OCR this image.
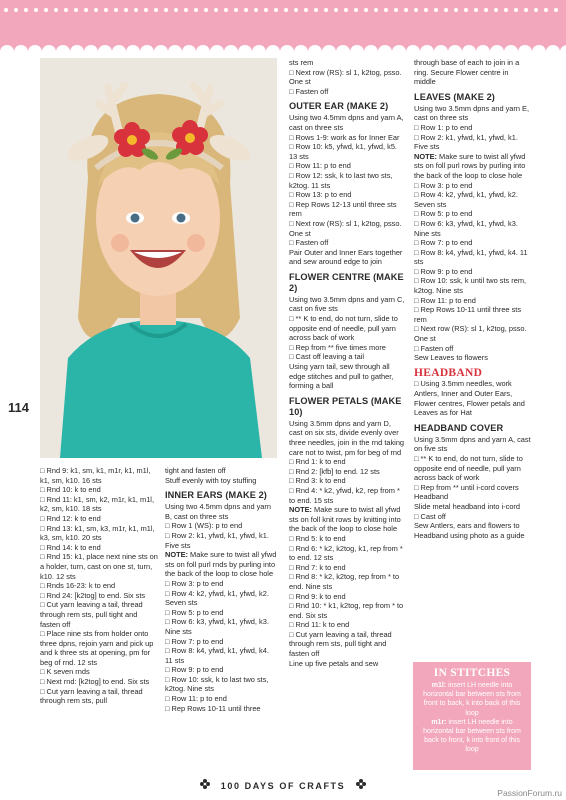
114

□ Rnd 9: k1, sm, k1, m1r, k1, m1l, k1, sm, k10. 16 sts

□ Rnd 10: k to end

□ Rnd 11: k1, sm, k2, m1r, k1, m1l, k2, sm, k10. 18 sts

□ Rnd 12: k to end

□ Rnd 13: k1, sm, k3, m1r, k1, m1l, k3, sm, k10. 20 sts

□ Rnd 14: k to end

□ Rnd 15: k1, place next nine sts on a holder, turn, cast on one st, turn, k10. 12 sts

□ Rnds 16-23: k to end

□ Rnd 24: [k2tog] to end. Six sts

□ Cut yarn leaving a tail, thread through rem sts, pull tight and fasten off

□ Place nine sts from holder onto three dpns, rejoin yarn and pick up and k three sts at opening, pm for beg of rnd. 12 sts

□ K seven rnds

□ Next rnd: [k2tog] to end. Six sts

□ Cut yarn leaving a tail, thread through rem sts, pull

tight and fasten off

Stuff evenly with toy stuffing

INNER EARS (MAKE 2)

Using two 4.5mm dpns and yarn B, cast on three sts

□ Row 1 (WS): p to end

□ Row 2: k1, yfwd, k1, yfwd, k1. Five sts

NOTE: Make sure to twist all yfwd sts on foll purl rnds by purling into the back of the loop to close hole

□ Row 3: p to end

□ Row 4: k2, yfwd, k1, yfwd, k2. Seven sts

□ Row 5: p to end

□ Row 6: k3, yfwd, k1, yfwd, k3. Nine sts

□ Row 7: p to end

□ Row 8: k4, yfwd, k1, yfwd, k4. 11 sts

□ Row 9: p to end

□ Row 10: ssk, k to last two sts, k2tog. Nine sts

□ Row 11: p to end

□ Rep Rows 10-11 until three

sts rem

□ Next row (RS): sl 1, k2tog, psso. One st

□ Fasten off

OUTER EAR (MAKE 2)

Using two 4.5mm dpns and yarn A, cast on three sts

□ Rows 1-9: work as for Inner Ear

□ Row 10: k5, yfwd, k1, yfwd, k5. 13 sts

□ Row 11: p to end

□ Row 12: ssk, k to last two sts, k2tog. 11 sts

□ Row 13: p to end

□ Rep Rows 12-13 until three sts rem

□ Next row (RS): sl 1, k2tog, psso. One st

□ Fasten off

Pair Outer and Inner Ears together and sew around edge to join

FLOWER CENTRE (MAKE 2)

Using two 3.5mm dpns and yarn C, cast on five sts

□ ** K to end, do not turn, slide to opposite end of needle, pull yarn across back of work

□ Rep from ** five times more

□ Cast off leaving a tail

Using yarn tail, sew through all edge stitches and pull to gather, forming a ball

FLOWER PETALS (MAKE 10)

Using 3.5mm dpns and yarn D, cast on six sts, divide evenly over three needles, join in the rnd taking care not to twist, pm for beg of rnd

□ Rnd 1: k to end

□ Rnd 2: [kfb] to end. 12 sts

□ Rnd 3: k to end

□ Rnd 4: * k2, yfwd, k2, rep from * to end. 15 sts

NOTE: Make sure to twist all yfwd sts on foll knit rows by knitting into the back of the loop to close hole

□ Rnd 5: k to end

□ Rnd 6: * k2, k2tog, k1, rep from * to end. 12 sts

□ Rnd 7: k to end

□ Rnd 8: * k2, k2tog, rep from * to end. Nine sts

□ Rnd 9: k to end

□ Rnd 10: * k1, k2tog, rep from * to end. Six sts

□ Rnd 11: k to end

□ Cut yarn leaving a tail, thread through rem sts, pull tight and fasten off

Line up five petals and sew

through base of each to join in a ring. Secure Flower centre in middle

LEAVES (MAKE 2)

Using two 3.5mm dpns and yarn E, cast on three sts

□ Row 1: p to end

□ Row 2: k1, yfwd, k1, yfwd, k1. Five sts

NOTE: Make sure to twist all yfwd sts on foll purl rows by purling into the back of the loop to close hole

□ Row 3: p to end

□ Row 4: k2, yfwd, k1, yfwd, k2. Seven sts

□ Row 5: p to end

□ Row 6: k3, yfwd, k1, yfwd, k3. Nine sts

□ Row 7: p to end

□ Row 8: k4, yfwd, k1, yfwd, k4. 11 sts

□ Row 9: p to end

□ Row 10: ssk, k until two sts rem, k2tog. Nine sts

□ Row 11: p to end

□ Rep Rows 10-11 until three sts rem

□ Next row (RS): sl 1, k2tog, psso. One st

□ Fasten off

Sew Leaves to flowers

HEADBAND

□ Using 3.5mm needles, work Antlers, Inner and Outer Ears, Flower centres, Flower petals and Leaves as for Hat

HEADBAND COVER

Using 3.5mm dpns and yarn A, cast on five sts

□ ** K to end, do not turn, slide to opposite end of needle, pull yarn across back of work

□ Rep from ** until i-cord covers Headband

Slide metal headband into i-cord

□ Cast off

Sew Antlers, ears and flowers to Headband using photo as a guide

IN STITCHES

m1l: insert LH needle into horizontal bar between sts from front to back, k into back of this loop

m1r: insert LH needle into horizontal bar between sts from back to front, k into front of this loop

100 DAYS OF CRAFTS
PassionForum.ru
